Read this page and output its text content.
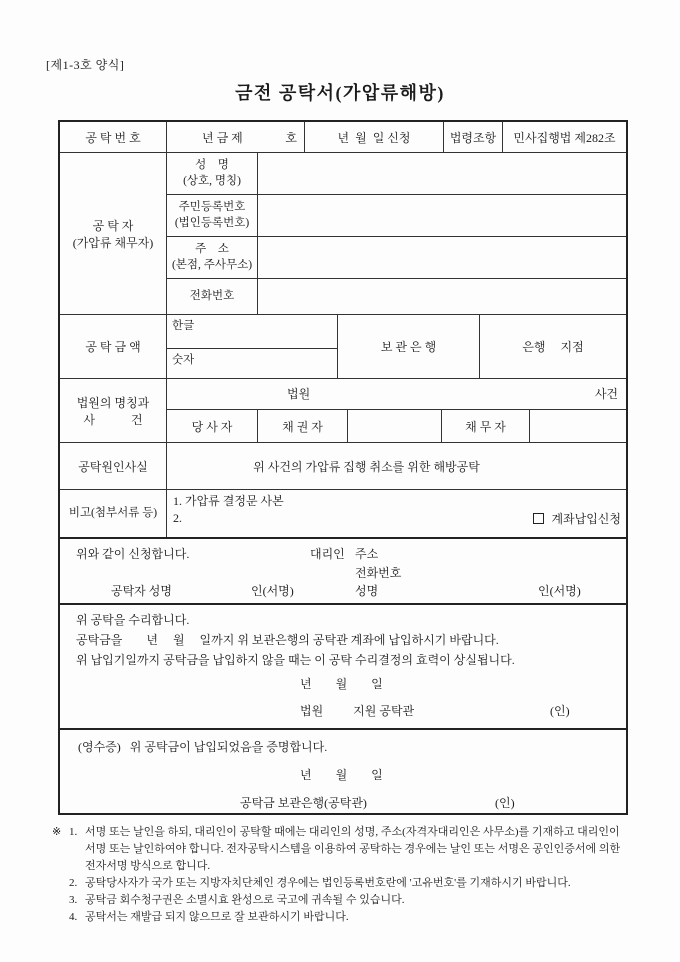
[제1-3호 양식]
금전 공탁서(가압류해방)
공 탁 번 호	년 금 제	호	년  월  일 신청	법령조항	민사집행법 제282조
공 탁 자
(가압류 채무자)
성    명
(상호, 명칭)
주민등록번호
(법인등록번호)
주    소
(본점, 주사무소)
전화번호
공 탁 금 액
한글
숫자
보 관 은 행	은행     지점
법원의 명칭과
사            건
법원	사건
당 사 자	채 권 자	채 무 자
공탁원인사실	위 사건의 가압류 집행 취소를 위한 해방공탁
비고(첨부서류 등)
1. 가압류 결정문 사본
2.	계좌납입신청
위와 같이 신청합니다.	대리인 주소
전화번호
공탁자 성명	인(서명)	성명	인(서명)
위 공탁을 수리합니다.
공탁금을        년     월     일까지 위 보관은행의 공탁관 계좌에 납입하시기 바랍니다.
위 납입기일까지 공탁금을 납입하지 않을 때는 이 공탁 수리결정의 효력이 상실됩니다.
년        월        일
법원          지원 공탁관	(인)
(영수증)   위 공탁금이 납입되었음을 증명합니다.
년        월        일
공탁금 보관은행(공탁관)	(인)
※ 1. 서명 또는 날인을 하되, 대리인이 공탁할 때에는 대리인의 성명, 주소(자격자대리인은 사무소)를 기재하고 대리인이 서명 또는 날인하여야 합니다. 전자공탁시스템을 이용하여 공탁하는 경우에는 날인 또는 서명은 공인인증서에 의한 전자서명 방식으로 합니다.
2. 공탁당사자가 국가 또는 지방자치단체인 경우에는 법인등록번호란에 '고유번호'를 기재하시기 바랍니다.
3. 공탁금 회수청구권은 소멸시효 완성으로 국고에 귀속될 수 있습니다.
4. 공탁서는 재발급 되지 않으므로 잘 보관하시기 바랍니다.
